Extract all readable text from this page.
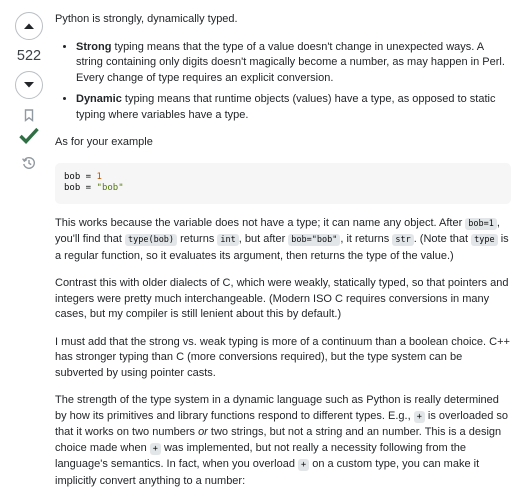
522

Python is strongly, dynamically typed.

• Strong typing means that the type of a value doesn't change in unexpected ways. A string containing only digits doesn't magically become a number, as may happen in Perl. Every change of type requires an explicit conversion.
• Dynamic typing means that runtime objects (values) have a type, as opposed to static typing where variables have a type.

As for your example

bob = 1
bob = "bob"

This works because the variable does not have a type; it can name any object. After bob=1 , you'll find that type(bob) returns int , but after bob="bob" , it returns str . (Note that type is a regular function, so it evaluates its argument, then returns the type of the value.)

Contrast this with older dialects of C, which were weakly, statically typed, so that pointers and integers were pretty much interchangeable. (Modern ISO C requires conversions in many cases, but my compiler is still lenient about this by default.)

I must add that the strong vs. weak typing is more of a continuum than a boolean choice. C++ has stronger typing than C (more conversions required), but the type system can be subverted by using pointer casts.

The strength of the type system in a dynamic language such as Python is really determined by how its primitives and library functions respond to different types. E.g., + is overloaded so that it works on two numbers or two strings, but not a string and an number. This is a design choice made when + was implemented, but not really a necessity following from the language's semantics. In fact, when you overload + on a custom type, you can make it implicitly convert anything to a number:
